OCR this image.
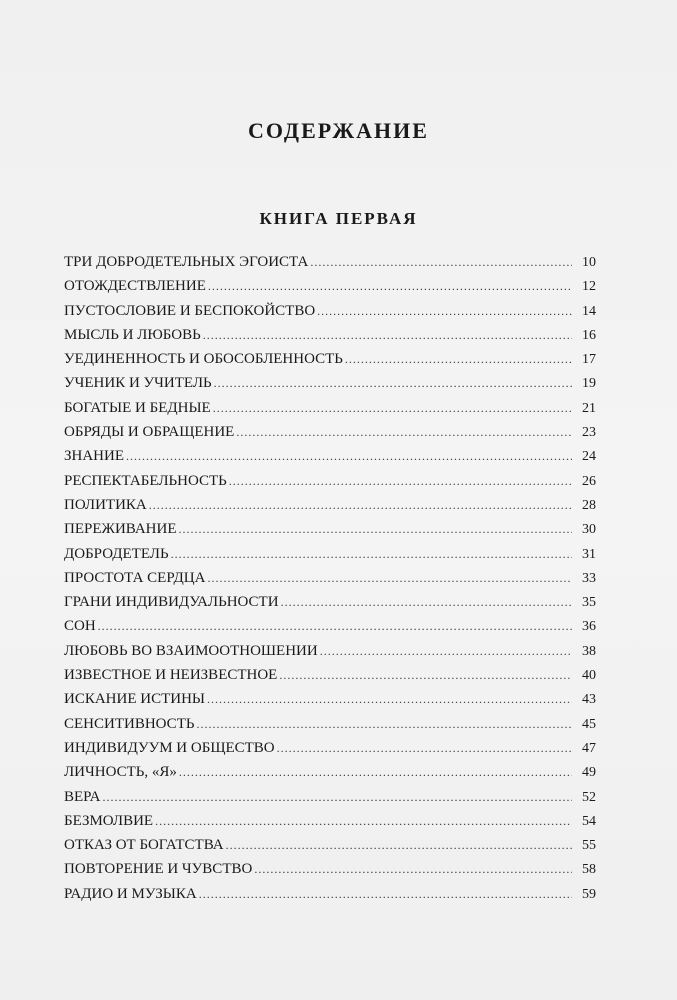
СОДЕРЖАНИЕ
КНИГА ПЕРВАЯ
ТРИ ДОБРОДЕТЕЛЬНЫХ ЭГОИСТА .....	10
ОТОЖДЕСТВЛЕНИЕ .....	12
ПУСТОСЛОВИЕ И БЕСПОКОЙСТВО .....	14
МЫСЛЬ И ЛЮБОВЬ .....	16
УЕДИНЕННОСТЬ И ОБОСОБЛЕННОСТЬ .....	17
УЧЕНИК И УЧИТЕЛЬ .....	19
БОГАТЫЕ И БЕДНЫЕ .....	21
ОБРЯДЫ И ОБРАЩЕНИЕ .....	23
ЗНАНИЕ .....	24
РЕСПЕКТАБЕЛЬНОСТЬ .....	26
ПОЛИТИКА .....	28
ПЕРЕЖИВАНИЕ .....	30
ДОБРОДЕТЕЛЬ .....	31
ПРОСТОТА СЕРДЦА .....	33
ГРАНИ ИНДИВИДУАЛЬНОСТИ .....	35
СОН .....	36
ЛЮБОВЬ ВО ВЗАИМООТНОШЕНИИ .....	38
ИЗВЕСТНОЕ И НЕИЗВЕСТНОЕ .....	40
ИСКАНИЕ ИСТИНЫ .....	43
СЕНСИТИВНОСТЬ .....	45
ИНДИВИДУУМ И ОБЩЕСТВО .....	47
ЛИЧНОСТЬ, «Я» .....	49
ВЕРА .....	52
БЕЗМОЛВИЕ .....	54
ОТКАЗ ОТ БОГАТСТВА .....	55
ПОВТОРЕНИЕ И ЧУВСТВО .....	58
РАДИО И МУЗЫКА .....	59
